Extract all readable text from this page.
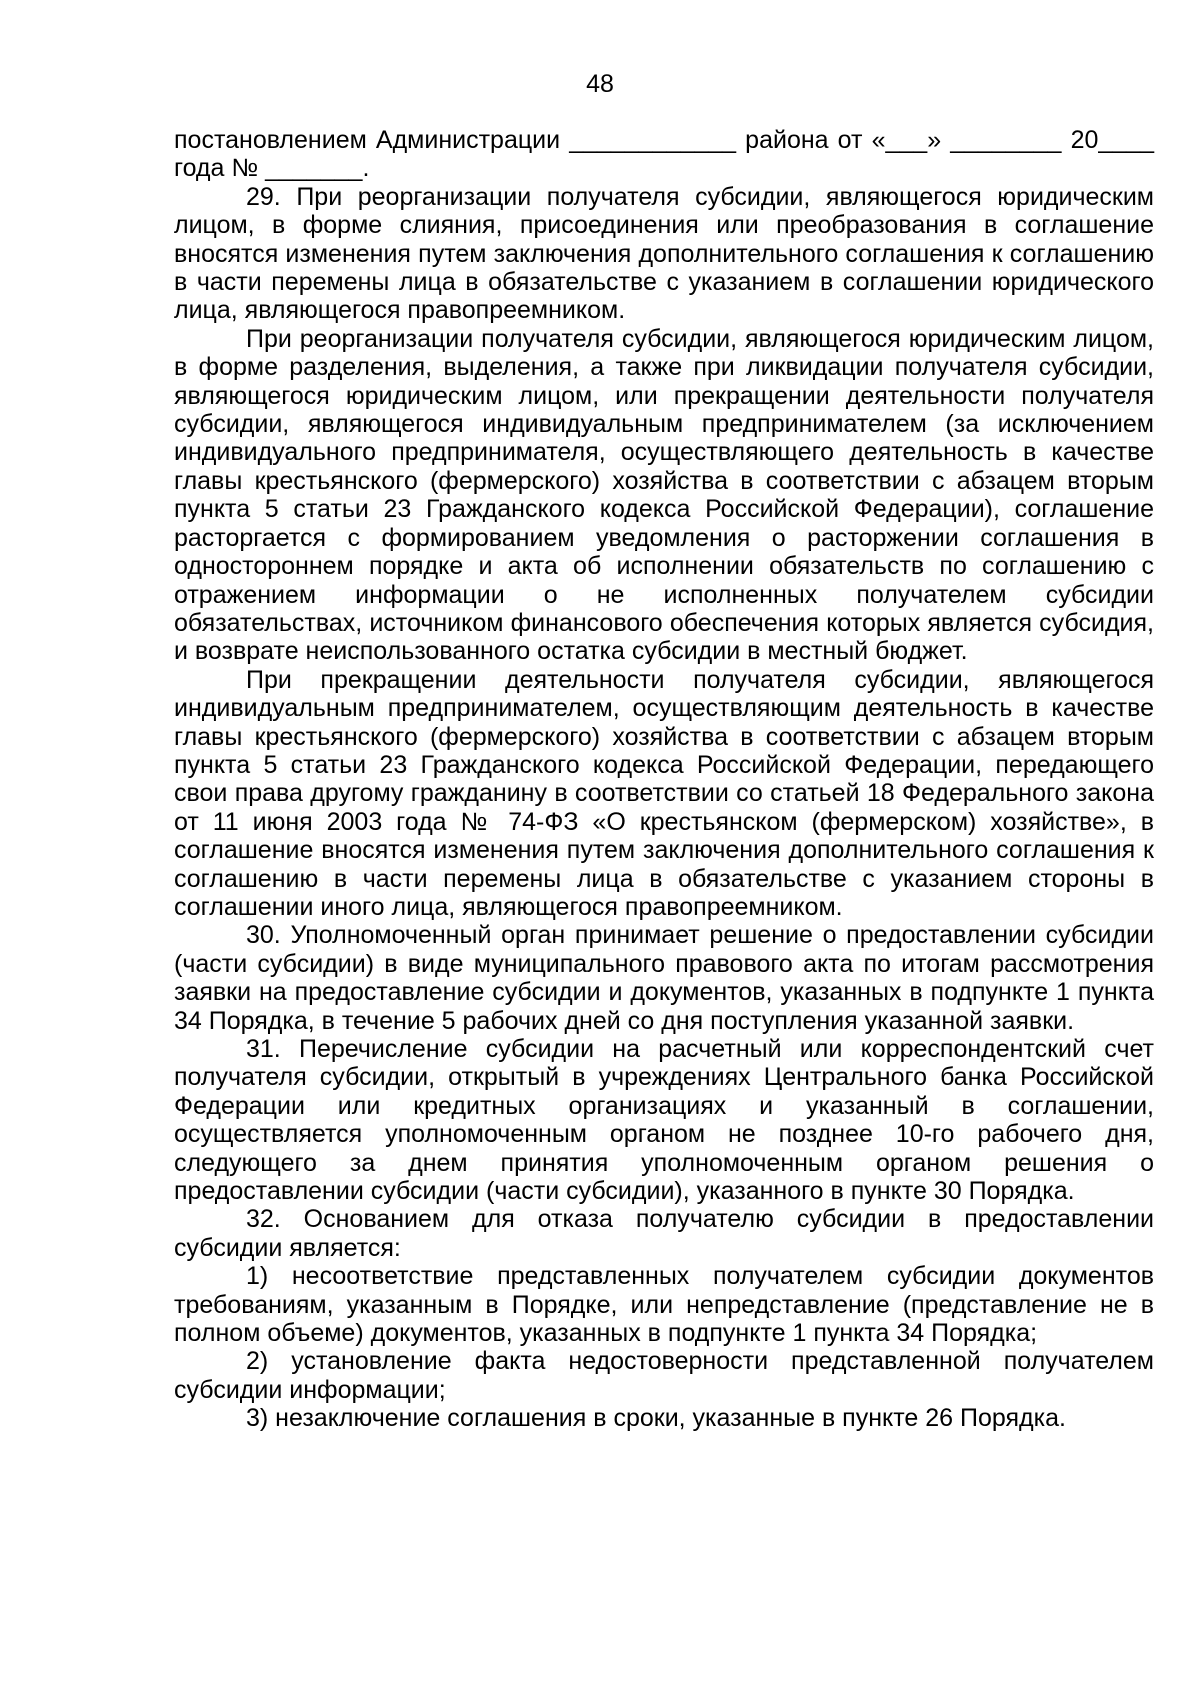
48

постановлением Администрации ____________ района от «___» ________ 20____ года № _______.

29. При реорганизации получателя субсидии, являющегося юридическим лицом, в форме слияния, присоединения или преобразования в соглашение вносятся изменения путем заключения дополнительного соглашения к соглашению в части перемены лица в обязательстве с указанием в соглашении юридического лица, являющегося правопреемником.

При реорганизации получателя субсидии, являющегося юридическим лицом, в форме разделения, выделения, а также при ликвидации получателя субсидии, являющегося юридическим лицом, или прекращении деятельности получателя субсидии, являющегося индивидуальным предпринимателем (за исключением индивидуального предпринимателя, осуществляющего деятельность в качестве главы крестьянского (фермерского) хозяйства в соответствии с абзацем вторым пункта 5 статьи 23 Гражданского кодекса Российской Федерации), соглашение расторгается с формированием уведомления о расторжении соглашения в одностороннем порядке и акта об исполнении обязательств по соглашению с отражением информации о не исполненных получателем субсидии обязательствах, источником финансового обеспечения которых является субсидия, и возврате неиспользованного остатка субсидии в местный бюджет.

При прекращении деятельности получателя субсидии, являющегося индивидуальным предпринимателем, осуществляющим деятельность в качестве главы крестьянского (фермерского) хозяйства в соответствии с абзацем вторым пункта 5 статьи 23 Гражданского кодекса Российской Федерации, передающего свои права другому гражданину в соответствии со статьей 18 Федерального закона от 11 июня 2003 года № 74-ФЗ «О крестьянском (фермерском) хозяйстве», в соглашение вносятся изменения путем заключения дополнительного соглашения к соглашению в части перемены лица в обязательстве с указанием стороны в соглашении иного лица, являющегося правопреемником.

30. Уполномоченный орган принимает решение о предоставлении субсидии (части субсидии) в виде муниципального правового акта по итогам рассмотрения заявки на предоставление субсидии и документов, указанных в подпункте 1 пункта 34 Порядка, в течение 5 рабочих дней со дня поступления указанной заявки.

31. Перечисление субсидии на расчетный или корреспондентский счет получателя субсидии, открытый в учреждениях Центрального банка Российской Федерации или кредитных организациях и указанный в соглашении, осуществляется уполномоченным органом не позднее 10-го рабочего дня, следующего за днем принятия уполномоченным органом решения о предоставлении субсидии (части субсидии), указанного в пункте 30 Порядка.

32. Основанием для отказа получателю субсидии в предоставлении субсидии является:

1) несоответствие представленных получателем субсидии документов требованиям, указанным в Порядке, или непредставление (представление не в полном объеме) документов, указанных в подпункте 1 пункта 34 Порядка;

2) установление факта недостоверности представленной получателем субсидии информации;

3) незаключение соглашения в сроки, указанные в пункте 26 Порядка.
